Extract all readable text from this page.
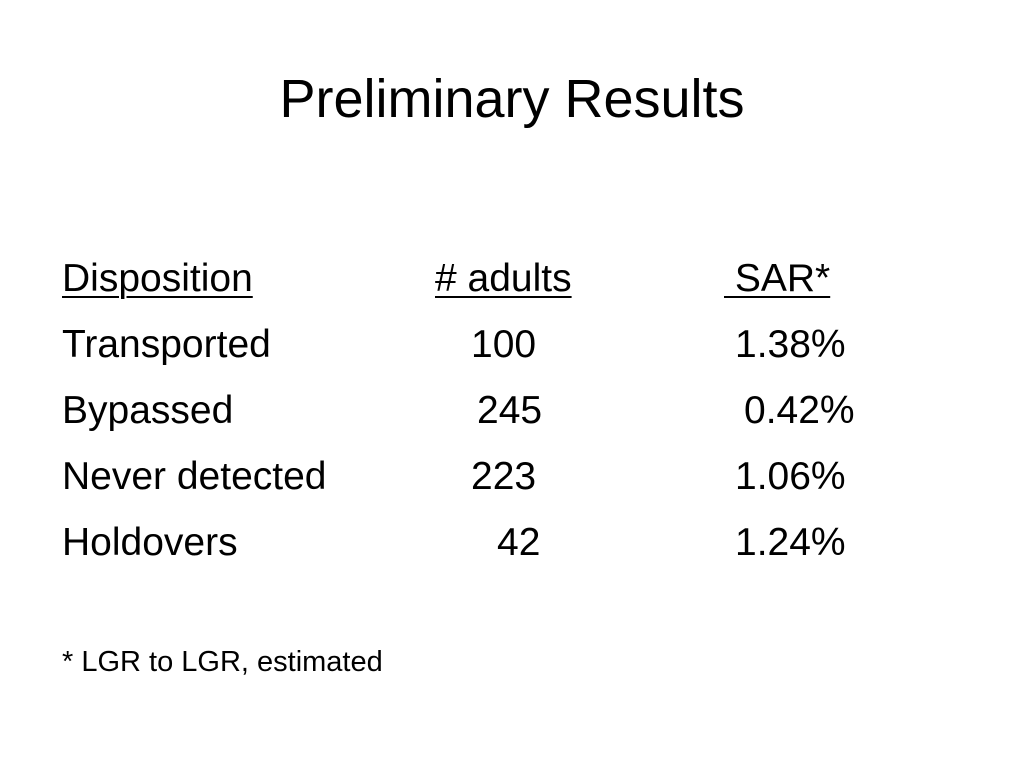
Preliminary Results
Disposition	# adults	SAR*
Transported	100	1.38%
Bypassed	245	0.42%
Never detected	223	1.06%
Holdovers	42	1.24%
* LGR to LGR, estimated
